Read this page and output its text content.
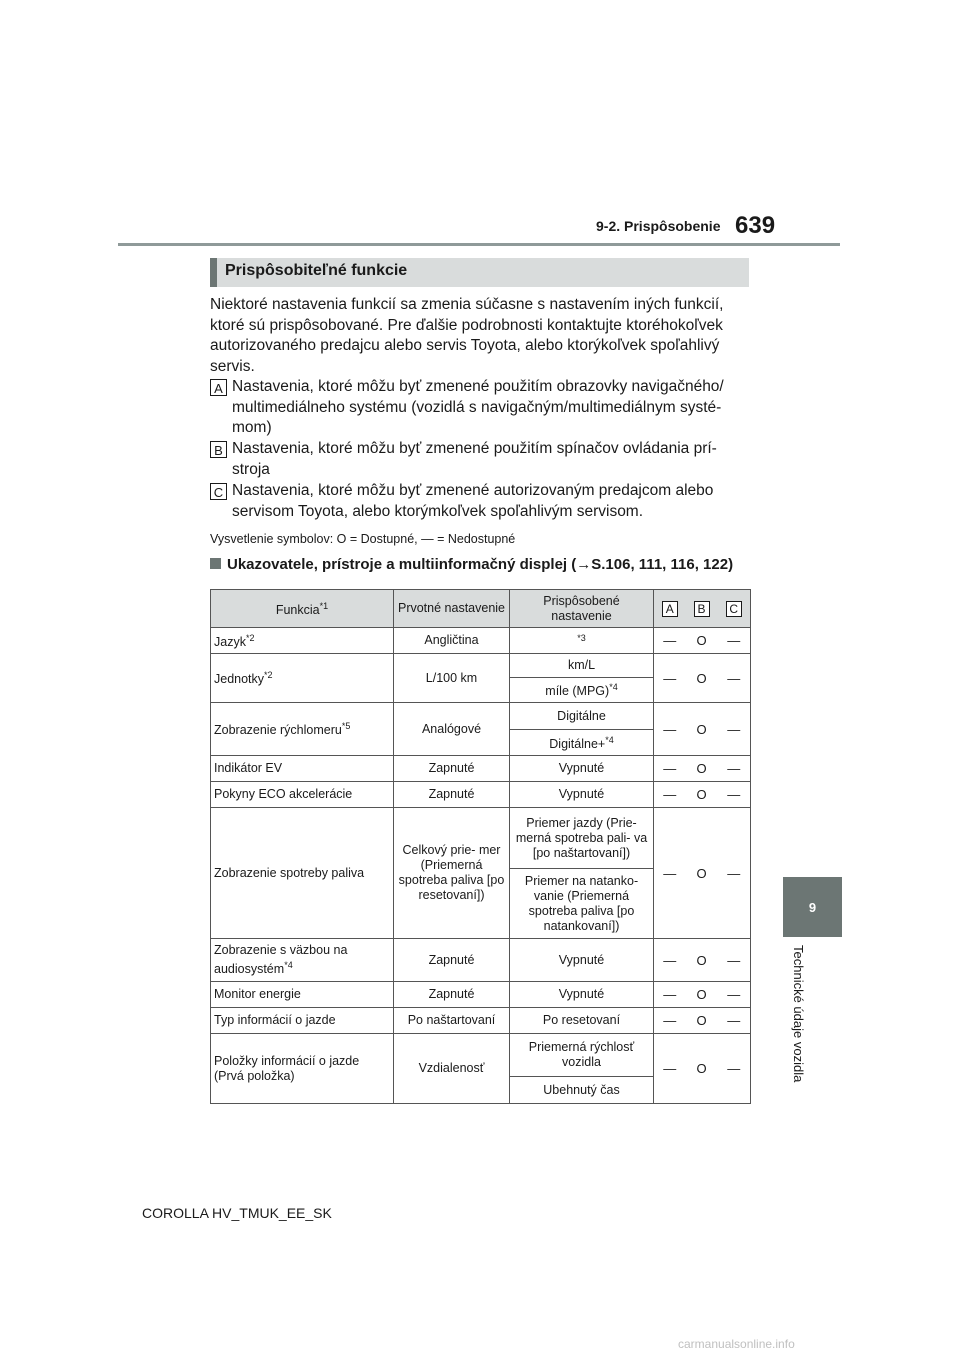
9-2. Prispôsobenie 639
9
Technické údaje vozidla
Prispôsobiteľné funkcie
Niektoré nastavenia funkcií sa zmenia súčasne s nastavením iných funkcií, ktoré sú prispôsobované. Pre ďalšie podrobnosti kontaktujte ktoréhokoľvek autorizovaného predajcu alebo servis Toyota, alebo ktorýkoľvek spoľahlivý servis.
A Nastavenia, ktoré môžu byť zmenené použitím obrazovky navigačného/ multimediálneho systému (vozidlá s navigačným/multimediálnym systé- mom)
B Nastavenia, ktoré môžu byť zmenené použitím spínačov ovládania prí- stroja
C Nastavenia, ktoré môžu byť zmenené autorizovaným predajcom alebo servisom Toyota, alebo ktorýmkoľvek spoľahlivým servisom.
Vysvetlenie symbolov: O = Dostupné, — = Nedostupné
Ukazovatele, prístroje a multiinformačný displej (→S.106, 111, 116, 122)
Funkcia$^{*1}$	Prvotné nastavenie	Prispôsobené nastavenie	A	B	C
Jazyk$^{*2}$	Angličtina	$^{*3}$	—	O	—
Jednotky$^{*2}$	L/100 km	km/L	—	O	—
		míle (MPG)$^{*4}$
Zobrazenie rýchlomeru$^{*5}$	Analógové	Digitálne	—	O	—
		Digitálne+$^{*4}$
Indikátor EV	Zapnuté	Vypnuté	—	O	—
Pokyny ECO akcelerácie	Zapnuté	Vypnuté	—	O	—
Zobrazenie spotreby paliva	Celkový prie- mer (Priemerná spotreba paliva [po resetovaní])	Priemer jazdy (Prie- merná spotreba pali- va [po naštartovaní])	—	O	—
		Priemer na natanko- vanie (Priemerná spotreba paliva [po natankovaní])			
Zobrazenie s väzbou na audiosystém$^{*4}$	Zapnuté	Vypnuté	—	O	—
Monitor energie	Zapnuté	Vypnuté	—	O	—
Typ informácií o jazde	Po naštartovaní	Po resetovaní	—	O	—
Položky informácií o jazde (Prvá položka)	Vzdialenosť	Priemerná rýchlosť vozidla	—	O	—
		Ubehnutý čas			
COROLLA HV_TMUK_EE_SK
carmanualsonline.info
